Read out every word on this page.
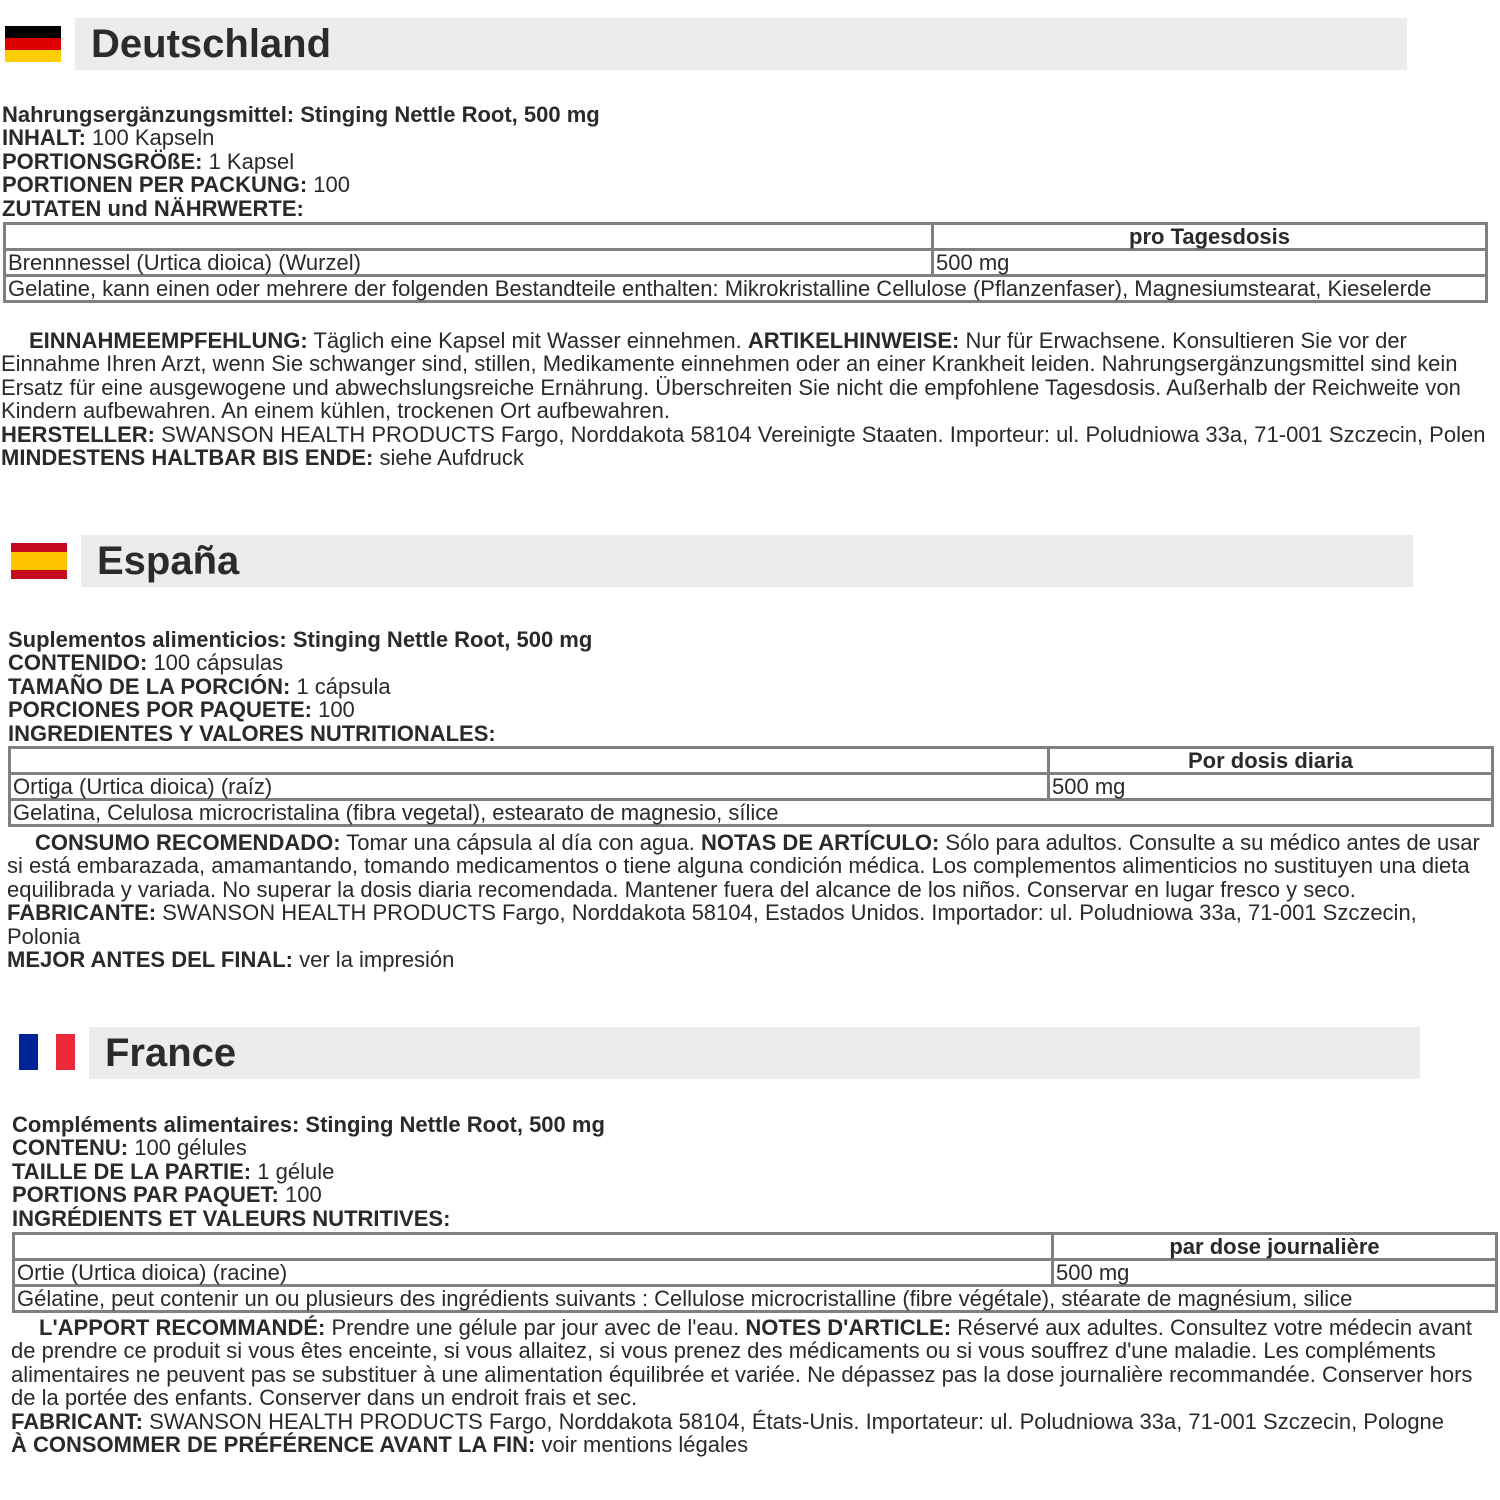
Deutschland
Nahrungsergänzungsmittel: Stinging Nettle Root, 500 mg
INHALT: 100 Kapseln
PORTIONSGRÖßE: 1 Kapsel
PORTIONEN PER PACKUNG: 100
ZUTATEN und NÄHRWERTE:
	pro Tagesdosis
Brennnessel (Urtica dioica) (Wurzel)	500 mg
Gelatine, kann einen oder mehrere der folgenden Bestandteile enthalten: Mikrokristalline Cellulose (Pflanzenfaser), Magnesiumstearat, Kieselerde	

EINNAHMEEMPFEHLUNG: Täglich eine Kapsel mit Wasser einnehmen. ARTIKELHINWEISE: Nur für Erwachsene. Konsultieren Sie vor der Einnahme Ihren Arzt, wenn Sie schwanger sind, stillen, Medikamente einnehmen oder an einer Krankheit leiden. Nahrungsergänzungsmittel sind kein Ersatz für eine ausgewogene und abwechslungsreiche Ernährung. Überschreiten Sie nicht die empfohlene Tagesdosis. Außerhalb der Reichweite von Kindern aufbewahren. An einem kühlen, trockenen Ort aufbewahren.

HERSTELLER: SWANSON HEALTH PRODUCTS Fargo, Norddakota 58104 Vereinigte Staaten. Importeur: ul. Poludniowa 33a, 71-001 Szczecin, Polen

MINDESTENS HALTBAR BIS ENDE: siehe Aufdruck

España
Suplementos alimenticios: Stinging Nettle Root, 500 mg
CONTENIDO: 100 cápsulas
TAMAÑO DE LA PORCIÓN: 1 cápsula
PORCIONES POR PAQUETE: 100
INGREDIENTES Y VALORES NUTRITIONALES:
	Por dosis diaria
Ortiga (Urtica dioica) (raíz)	500 mg
Gelatina, Celulosa microcristalina (fibra vegetal), estearato de magnesio, sílice	

CONSUMO RECOMENDADO: Tomar una cápsula al día con agua. NOTAS DE ARTÍCULO: Sólo para adultos. Consulte a su médico antes de usar si está embarazada, amamantando, tomando medicamentos o tiene alguna condición médica. Los complementos alimenticios no sustituyen una dieta equilibrada y variada. No superar la dosis diaria recomendada. Mantener fuera del alcance de los niños. Conservar en lugar fresco y seco.

FABRICANTE: SWANSON HEALTH PRODUCTS Fargo, Norddakota 58104, Estados Unidos. Importador: ul. Poludniowa 33a, 71-001 Szczecin, Polonia

MEJOR ANTES DEL FINAL: ver la impresión

France
Compléments alimentaires: Stinging Nettle Root, 500 mg
CONTENU: 100 gélules
TAILLE DE LA PARTIE: 1 gélule
PORTIONS PAR PAQUET: 100
INGRÉDIENTS ET VALEURS NUTRITIVES:
	par dose journalière
Ortie (Urtica dioica) (racine)	500 mg
Gélatine, peut contenir un ou plusieurs des ingrédients suivants : Cellulose microcristalline (fibre végétale), stéarate de magnésium, silice	

L'APPORT RECOMMANDÉ: Prendre une gélule par jour avec de l'eau. NOTES D'ARTICLE: Réservé aux adultes. Consultez votre médecin avant de prendre ce produit si vous êtes enceinte, si vous allaitez, si vous prenez des médicaments ou si vous souffrez d'une maladie. Les compléments alimentaires ne peuvent pas se substituer à une alimentation équilibrée et variée. Ne dépassez pas la dose journalière recommandée. Conserver hors de la portée des enfants. Conserver dans un endroit frais et sec.

FABRICANT: SWANSON HEALTH PRODUCTS Fargo, Norddakota 58104, États-Unis. Importateur: ul. Poludniowa 33a, 71-001 Szczecin, Pologne

À CONSOMMER DE PRÉFÉRENCE AVANT LA FIN: voir mentions légales
